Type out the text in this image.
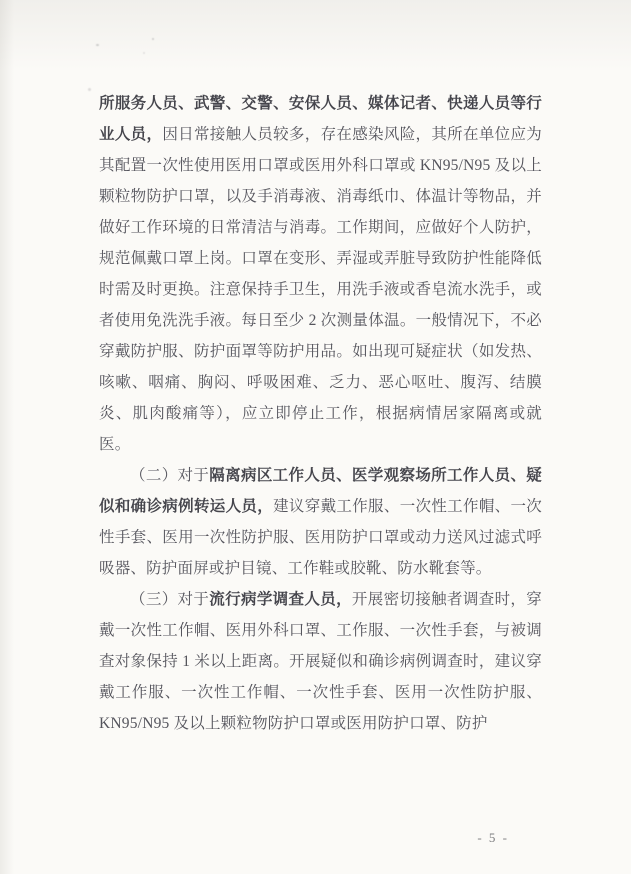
所服务人员、武警、交警、安保人员、媒体记者、快递人员等行业人员，因日常接触人员较多，存在感染风险，其所在单位应为其配置一次性使用医用口罩或医用外科口罩或 KN95/N95 及以上颗粒物防护口罩，以及手消毒液、消毒纸巾、体温计等物品，并做好工作环境的日常清洁与消毒。工作期间，应做好个人防护，规范佩戴口罩上岗。口罩在变形、弄湿或弄脏导致防护性能降低时需及时更换。注意保持手卫生，用洗手液或香皂流水洗手，或者使用免洗洗手液。每日至少 2 次测量体温。一般情况下，不必穿戴防护服、防护面罩等防护用品。如出现可疑症状（如发热、咳嗽、咽痛、胸闷、呼吸困难、乏力、恶心呕吐、腹泻、结膜炎、肌肉酸痛等），应立即停止工作，根据病情居家隔离或就医。

（二）对于隔离病区工作人员、医学观察场所工作人员、疑似和确诊病例转运人员，建议穿戴工作服、一次性工作帽、一次性手套、医用一次性防护服、医用防护口罩或动力送风过滤式呼吸器、防护面屏或护目镜、工作鞋或胶靴、防水靴套等。

（三）对于流行病学调查人员，开展密切接触者调查时，穿戴一次性工作帽、医用外科口罩、工作服、一次性手套，与被调查对象保持 1 米以上距离。开展疑似和确诊病例调查时，建议穿戴工作服、一次性工作帽、一次性手套、医用一次性防护服、KN95/N95 及以上颗粒物防护口罩或医用防护口罩、防护

- 5 -
